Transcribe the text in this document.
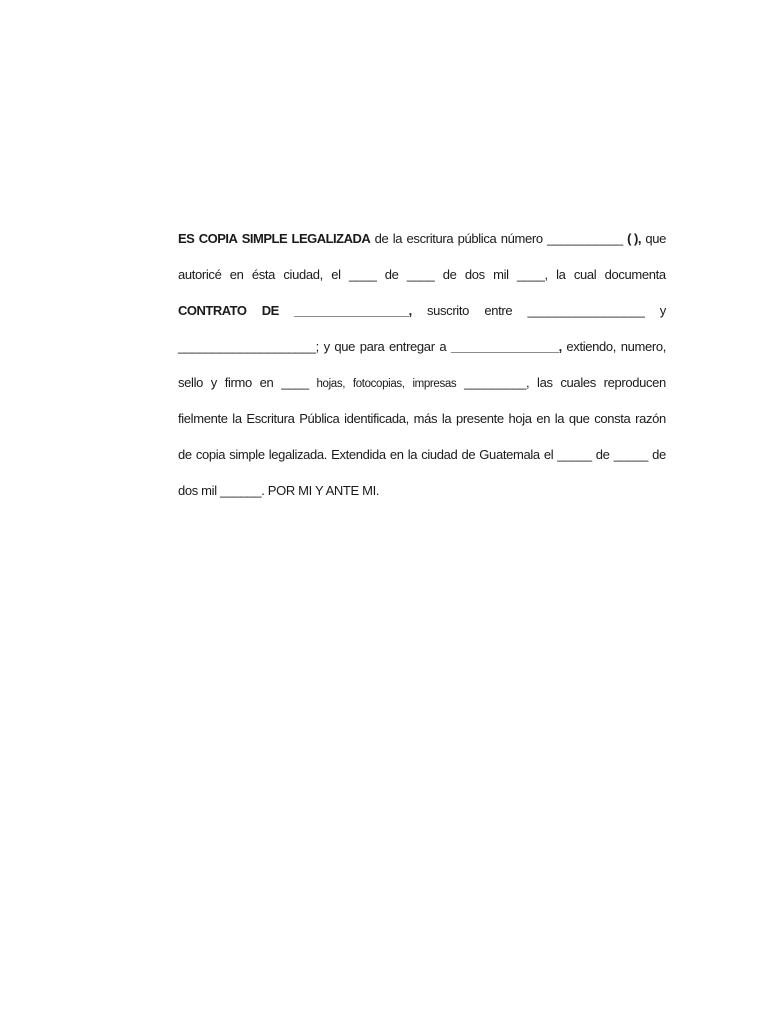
ES COPIA SIMPLE LEGALIZADA de la escritura pública número ___________ ( ), que
autoricé en ésta ciudad, el ____ de ____ de dos mil ____, la cual documenta
CONTRATO DE _________________, suscrito entre _________________ y
____________________; y que para entregar a ________________, extiendo, numero,
sello y firmo en ____ hojas, fotocopias, impresas _________, las cuales reproducen
fielmente la Escritura Pública identificada, más la presente hoja en la que consta razón
de copia simple legalizada. Extendida en la ciudad de Guatemala el _____ de _____ de
dos mil ______. POR MI Y ANTE MI.
